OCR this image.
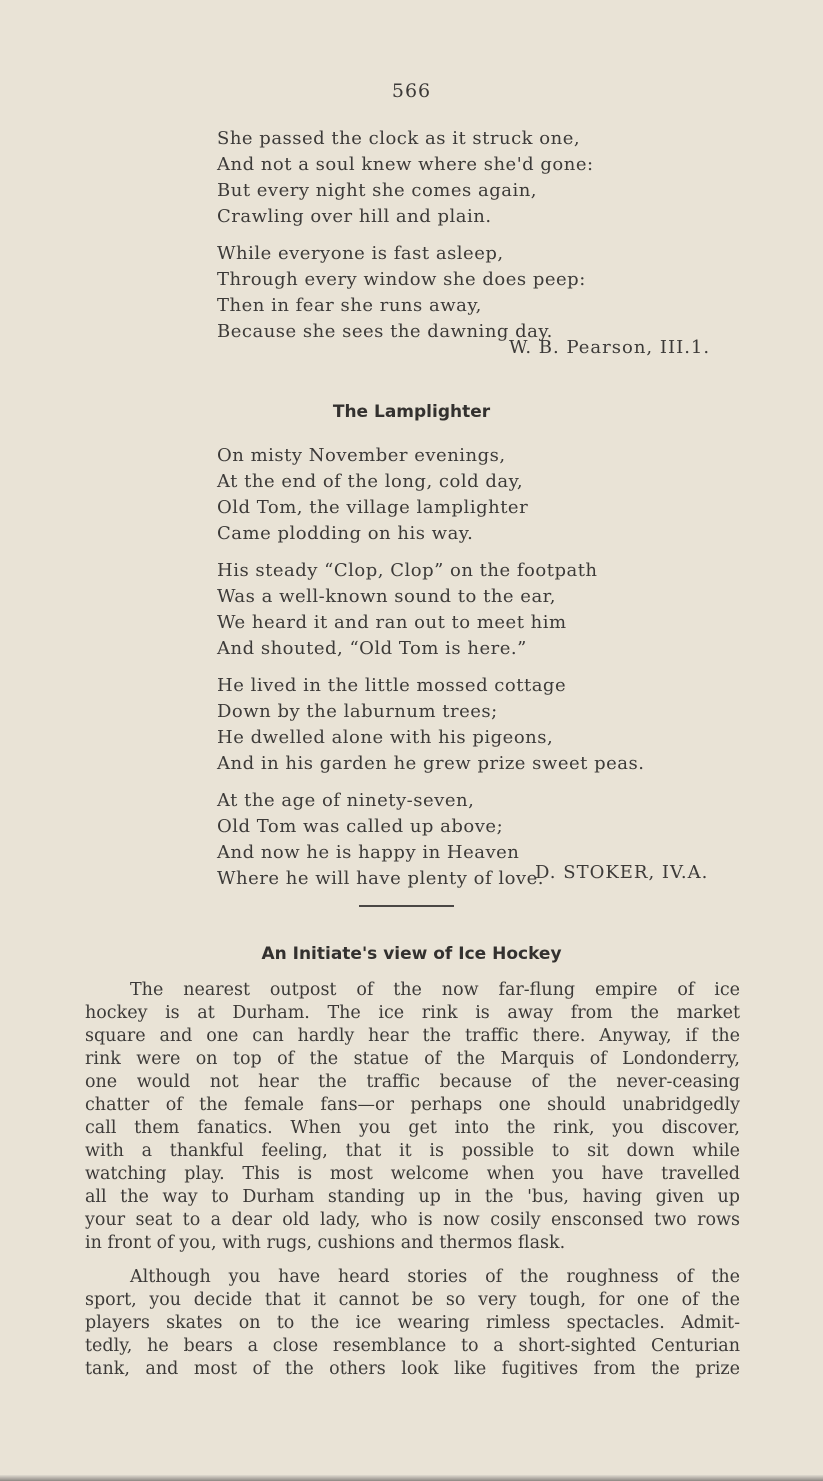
566
She passed the clock as it struck one,
And not a soul knew where she'd gone:
But every night she comes again,
Crawling over hill and plain.
While everyone is fast asleep,
Through every window she does peep:
Then in fear she runs away,
Because she sees the dawning day.
W. B. Pearson, III.1.
The Lamplighter
On misty November evenings,
At the end of the long, cold day,
Old Tom, the village lamplighter
Came plodding on his way.
His steady “Clop, Clop” on the footpath
Was a well-known sound to the ear,
We heard it and ran out to meet him
And shouted, “Old Tom is here.”
He lived in the little mossed cottage
Down by the laburnum trees;
He dwelled alone with his pigeons,
And in his garden he grew prize sweet peas.
At the age of ninety-seven,
Old Tom was called up above;
And now he is happy in Heaven
Where he will have plenty of love.
D. STOKER, IV.A.
An Initiate's view of Ice Hockey
The nearest outpost of the now far-flung empire of ice
hockey is at Durham. The ice rink is away from the market
square and one can hardly hear the traffic there. Anyway, if the
rink were on top of the statue of the Marquis of Londonderry,
one would not hear the traffic because of the never-ceasing
chatter of the female fans—or perhaps one should unabridgedly
call them fanatics. When you get into the rink, you discover,
with a thankful feeling, that it is possible to sit down while
watching play. This is most welcome when you have travelled
all the way to Durham standing up in the 'bus, having given up
your seat to a dear old lady, who is now cosily ensconsed two rows
in front of you, with rugs, cushions and thermos flask.
Although you have heard stories of the roughness of the
sport, you decide that it cannot be so very tough, for one of the
players skates on to the ice wearing rimless spectacles. Admit-
tedly, he bears a close resemblance to a short-sighted Centurian
tank, and most of the others look like fugitives from the prize
